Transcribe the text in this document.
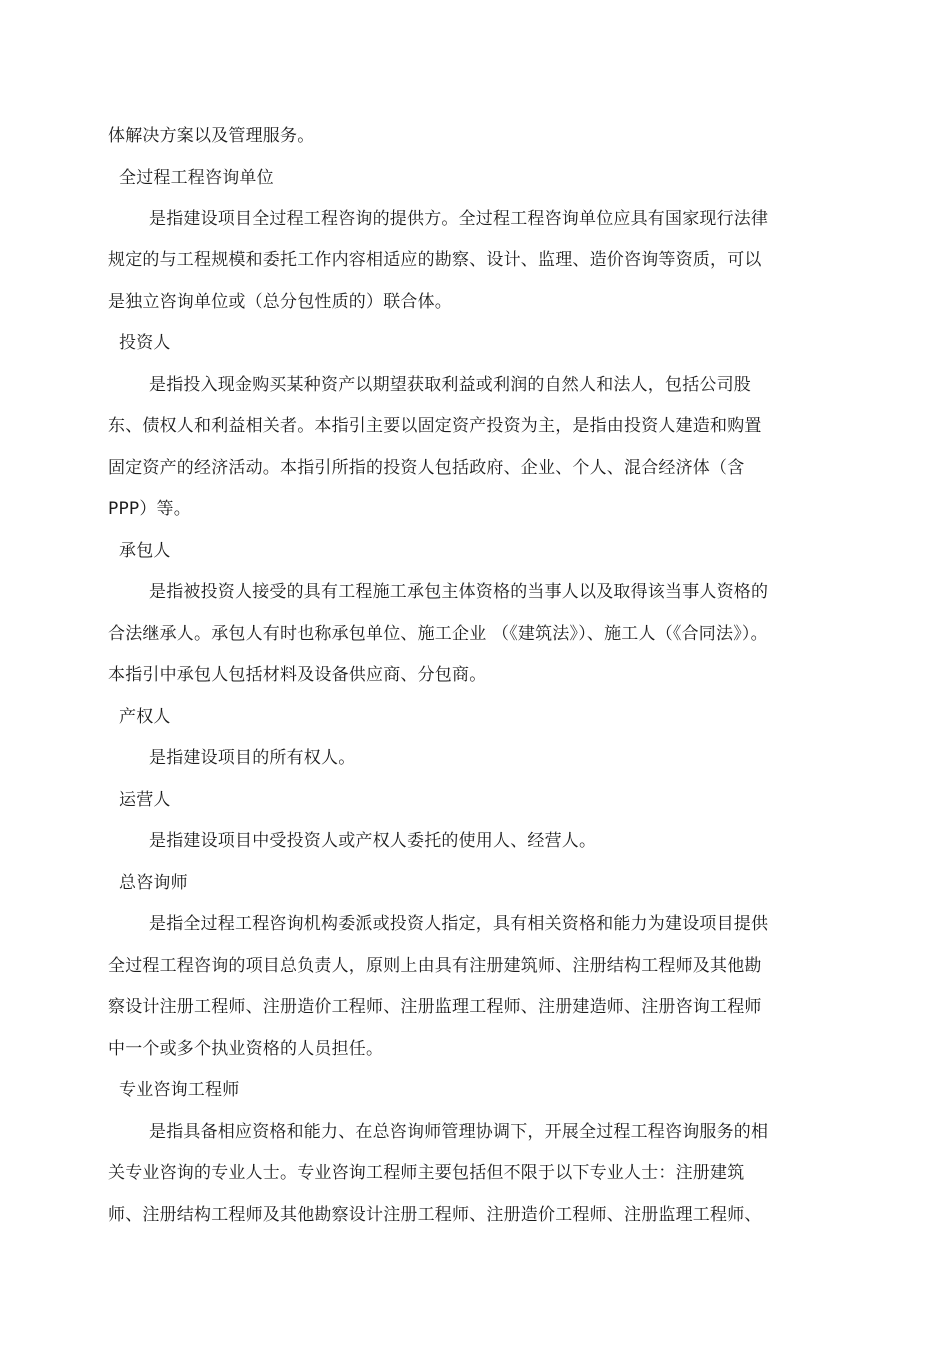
体解决方案以及管理服务。
全过程工程咨询单位
是指建设项目全过程工程咨询的提供方。全过程工程咨询单位应具有国家现行法律
规定的与工程规模和委托工作内容相适应的勘察、设计、监理、造价咨询等资质，可以
是独立咨询单位或（总分包性质的）联合体。
投资人
是指投入现金购买某种资产以期望获取利益或利润的自然人和法人，包括公司股
东、债权人和利益相关者。本指引主要以固定资产投资为主，是指由投资人建造和购置
固定资产的经济活动。本指引所指的投资人包括政府、企业、个人、混合经济体（含
PPP）等。
承包人
是指被投资人接受的具有工程施工承包主体资格的当事人以及取得该当事人资格的
合法继承人。承包人有时也称承包单位、施工企业 （《建筑法》）、施工人（《合同法》）。
本指引中承包人包括材料及设备供应商、分包商。
产权人
是指建设项目的所有权人。
运营人
是指建设项目中受投资人或产权人委托的使用人、经营人。
总咨询师
是指全过程工程咨询机构委派或投资人指定，具有相关资格和能力为建设项目提供
全过程工程咨询的项目总负责人，原则上由具有注册建筑师、注册结构工程师及其他勘
察设计注册工程师、注册造价工程师、注册监理工程师、注册建造师、注册咨询工程师
中一个或多个执业资格的人员担任。
专业咨询工程师
是指具备相应资格和能力、在总咨询师管理协调下，开展全过程工程咨询服务的相
关专业咨询的专业人士。专业咨询工程师主要包括但不限于以下专业人士：注册建筑
师、注册结构工程师及其他勘察设计注册工程师、注册造价工程师、注册监理工程师、
